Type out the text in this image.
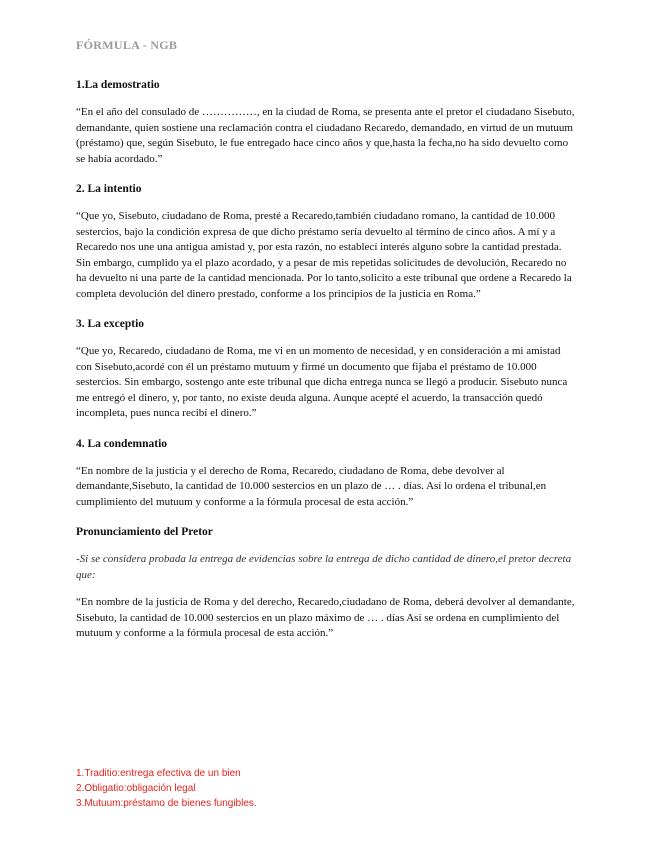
FÓRMULA - NGB
1.La demostratio

“En el año del consulado de ……………, en la ciudad de Roma, se presenta ante el pretor el ciudadano Sisebuto, demandante, quien sostiene una reclamación contra el ciudadano Recaredo, demandado, en virtud de un mutuum (préstamo) que, según Sisebuto, le fue entregado hace cinco años y que,hasta la fecha,no ha sido devuelto como se había acordado.”

2. La intentio

“Que yo, Sisebuto, ciudadano de Roma, presté a Recaredo,también ciudadano romano, la cantidad de 10.000 sestercios, bajo la condición expresa de que dicho préstamo sería devuelto al término de cinco años. A mí y a Recaredo nos une una antigua amistad y, por esta razón, no establecí interés alguno sobre la cantidad prestada. Sin embargo, cumplido ya el plazo acordado, y a pesar de mis repetidas solicitudes de devolución, Recaredo no ha devuelto ni una parte de la cantidad mencionada. Por lo tanto,solicito a este tribunal que ordene a Recaredo la completa devolución del dinero prestado, conforme a los principios de la justicia en Roma.”

3. La exceptio

“Que yo, Recaredo, ciudadano de Roma, me vi en un momento de necesidad, y en consideración a mi amistad con Sisebuto,acordé con él un préstamo mutuum y firmé un documento que fijaba el préstamo de 10.000 sestercios. Sin embargo, sostengo ante este tribunal que dicha entrega nunca se llegó a producir. Sisebuto nunca me entregó el dinero, y, por tanto, no existe deuda alguna. Aunque acepté el acuerdo, la transacción quedó incompleta, pues nunca recibí el dinero.”

4. La condemnatio

“En nombre de la justicia y el derecho de Roma, Recaredo, ciudadano de Roma, debe devolver al demandante,Sisebuto, la cantidad de 10.000 sestercios en un plazo de … . días. Así lo ordena el tribunal,en cumplimiento del mutuum y conforme a la fórmula procesal de esta acción.”

Pronunciamiento del Pretor

-Si se considera probada la entrega de evidencias sobre la entrega de dicho cantidad de dinero,el pretor decreta que:

“En nombre de la justicia de Roma y del derecho, Recaredo,ciudadano de Roma, deberá devolver al demandante, Sisebuto, la cantidad de 10.000 sestercios en un plazo máximo de … . días Así se ordena en cumplimiento del mutuum y conforme a la fórmula procesal de esta acción.”

1.Traditio:entrega efectiva de un bien
2.Obligatio:obligación legal
3.Mutuum:préstamo de bienes fungibles.
